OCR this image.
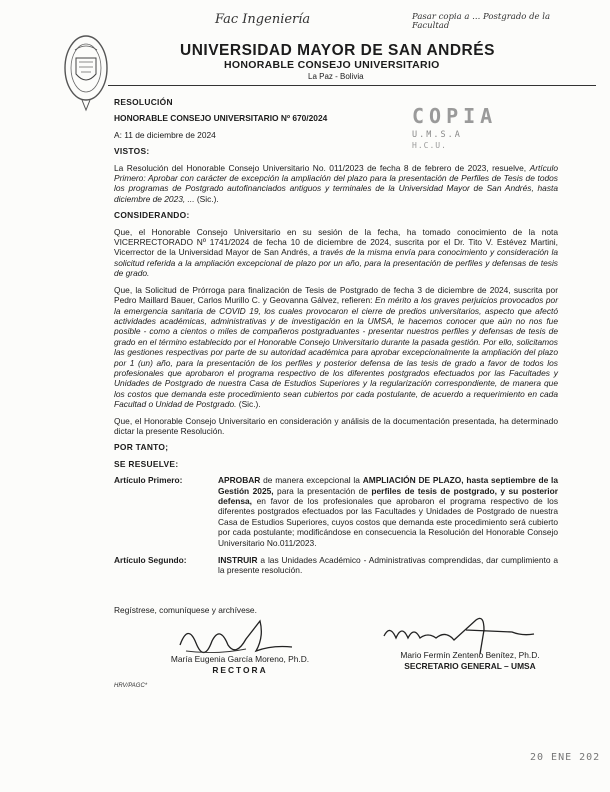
Fac Ingeniería	Pasar copia a ... Postgrado de la Facultad
UNIVERSIDAD MAYOR DE SAN ANDRÉS
HONORABLE CONSEJO UNIVERSITARIO
La Paz - Bolivia
COPIA
U.M.S.A
H.C.U.

RESOLUCIÓN

HONORABLE CONSEJO UNIVERSITARIO Nº 670/2024

A: 11 de diciembre de 2024

VISTOS:

La Resolución del Honorable Consejo Universitario No. 011/2023 de fecha 8 de febrero de 2023, resuelve, Artículo Primero: Aprobar con carácter de excepción la ampliación del plazo para la presentación de Perfiles de Tesis de todos los programas de Postgrado autofinanciados antiguos y terminales de la Universidad Mayor de San Andrés, hasta diciembre de 2023, ... (Sic.).

CONSIDERANDO:

Que, el Honorable Consejo Universitario en su sesión de la fecha, ha tomado conocimiento de la nota VICERRECTORADO Nº 1741/2024 de fecha 10 de diciembre de 2024, suscrita por el Dr. Tito V. Estévez Martini, Vicerrector de la Universidad Mayor de San Andrés, a través de la misma envía para conocimiento y consideración la solicitud referida a la ampliación excepcional de plazo por un año, para la presentación de perfiles y defensas de tesis de grado.

Que, la Solicitud de Prórroga para finalización de Tesis de Postgrado de fecha 3 de diciembre de 2024, suscrita por Pedro Maillard Bauer, Carlos Murillo C. y Geovanna Gálvez, refieren: En mérito a los graves perjuicios provocados por la emergencia sanitaria de COVID 19, los cuales provocaron el cierre de predios universitarios, aspecto que afectó actividades académicas, administrativas y de investigación en la UMSA, le hacemos conocer que aún no nos fue posible - como a cientos o miles de compañeros postgraduantes - presentar nuestros perfiles y defensas de tesis de grado en el término establecido por el Honorable Consejo Universitario durante la pasada gestión. Por ello, solicitamos las gestiones respectivas por parte de su autoridad académica para aprobar excepcionalmente la ampliación del plazo por 1 (un) año, para la presentación de los perfiles y posterior defensa de las tesis de grado a favor de todos los profesionales que aprobaron el programa respectivo de los diferentes postgrados efectuados por las Facultades y Unidades de Postgrado de nuestra Casa de Estudios Superiores y la regularización correspondiente, de manera que los costos que demanda este procedimiento sean cubiertos por cada postulante, de acuerdo a requerimiento en cada Facultad o Unidad de Postgrado. (Sic.).

Que, el Honorable Consejo Universitario en consideración y análisis de la documentación presentada, ha determinado dictar la presente Resolución.

POR TANTO;

SE RESUELVE:

Artículo Primero:	APROBAR de manera excepcional la AMPLIACIÓN DE PLAZO, hasta septiembre de la Gestión 2025, para la presentación de perfiles de tesis de postgrado, y su posterior defensa, en favor de los profesionales que aprobaron el programa respectivo de los diferentes postgrados efectuados por las Facultades y Unidades de Postgrado de nuestra Casa de Estudios Superiores, cuyos costos que demanda este procedimiento será cubierto por cada postulante; modificándose en consecuencia la Resolución del Honorable Consejo Universitario No.011/2023.
Artículo Segundo:	INSTRUIR a las Unidades Académico - Administrativas comprendidas, dar cumplimiento a la presente resolución.
Regístrese, comuníquese y archívese.
María Eugenia García Moreno, Ph.D.
RECTORA
Mario Fermín Zenteno Benítez, Ph.D.
SECRETARIO GENERAL – UMSA
HRV/PAGC*
20 ENE 202
